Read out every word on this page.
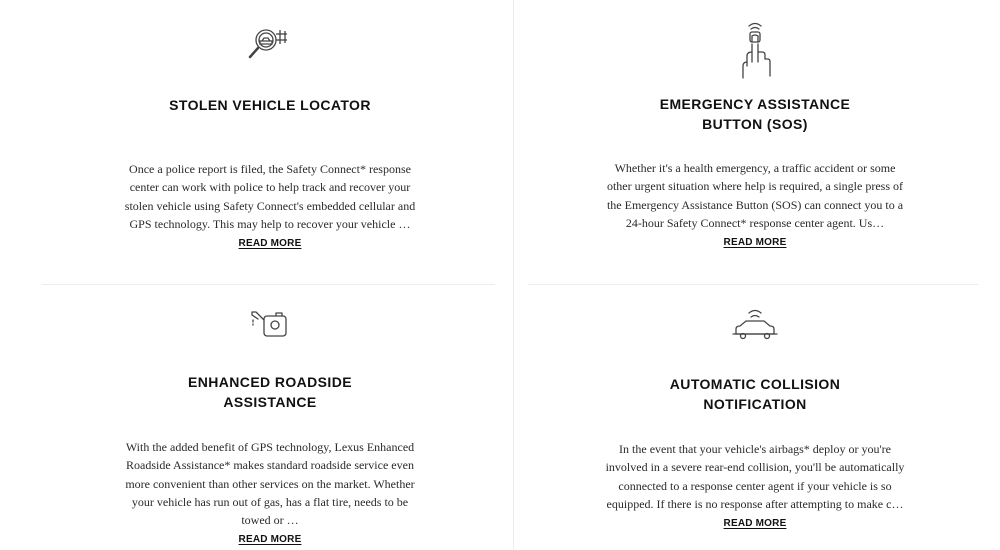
STOLEN VEHICLE LOCATOR
Once a police report is filed, the Safety Connect* response
center can work with police to help track and recover your
stolen vehicle using Safety Connect's embedded cellular and
GPS technology. This may help to recover your vehicle …
READ MORE
EMERGENCY ASSISTANCE
BUTTON (SOS)
Whether it's a health emergency, a traffic accident or some
other urgent situation where help is required, a single press of
the Emergency Assistance Button (SOS) can connect you to a
24-hour Safety Connect* response center agent. Us…
READ MORE
ENHANCED ROADSIDE
ASSISTANCE
With the added benefit of GPS technology, Lexus Enhanced
Roadside Assistance* makes standard roadside service even
more convenient than other services on the market. Whether
your vehicle has run out of gas, has a flat tire, needs to be
towed or …
READ MORE
AUTOMATIC COLLISION
NOTIFICATION
In the event that your vehicle's airbags* deploy or you're
involved in a severe rear-end collision, you'll be automatically
connected to a response center agent if your vehicle is so
equipped. If there is no response after attempting to make c…
READ MORE
